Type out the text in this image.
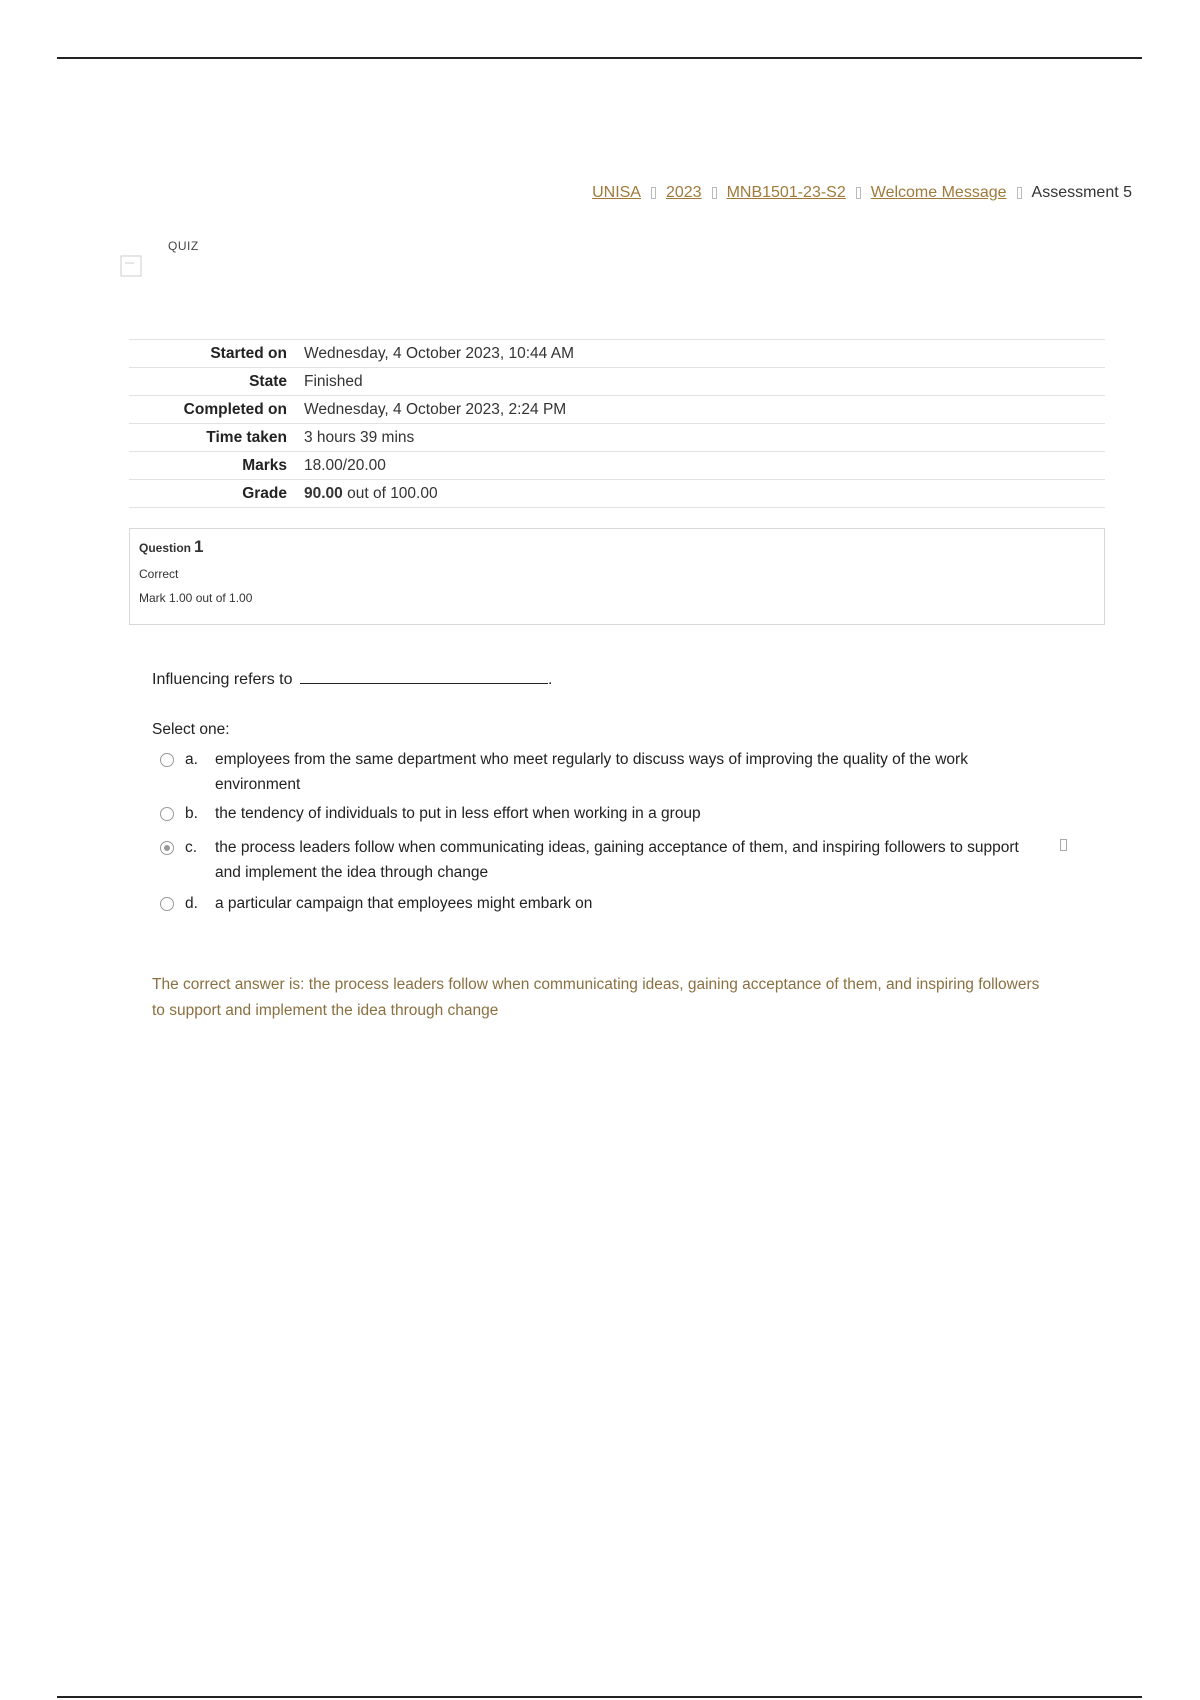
UNISA 2023 MNB1501-23-S2 Welcome Message Assessment 5
QUIZ
Started on	Wednesday, 4 October 2023, 10:44 AM
State	Finished
Completed on	Wednesday, 4 October 2023, 2:24 PM
Time taken	3 hours 39 mins
Marks	18.00/20.00
Grade	90.00 out of 100.00
Question 1
Correct
Mark 1.00 out of 1.00
Influencing refers to	.
Select one:
a. employees from the same department who meet regularly to discuss ways of improving the quality of the work environment
b. the tendency of individuals to put in less effort when working in a group
c. the process leaders follow when communicating ideas, gaining acceptance of them, and inspiring followers to support and implement the idea through change
d. a particular campaign that employees might embark on
The correct answer is: the process leaders follow when communicating ideas, gaining acceptance of them, and inspiring followers to support and implement the idea through change
